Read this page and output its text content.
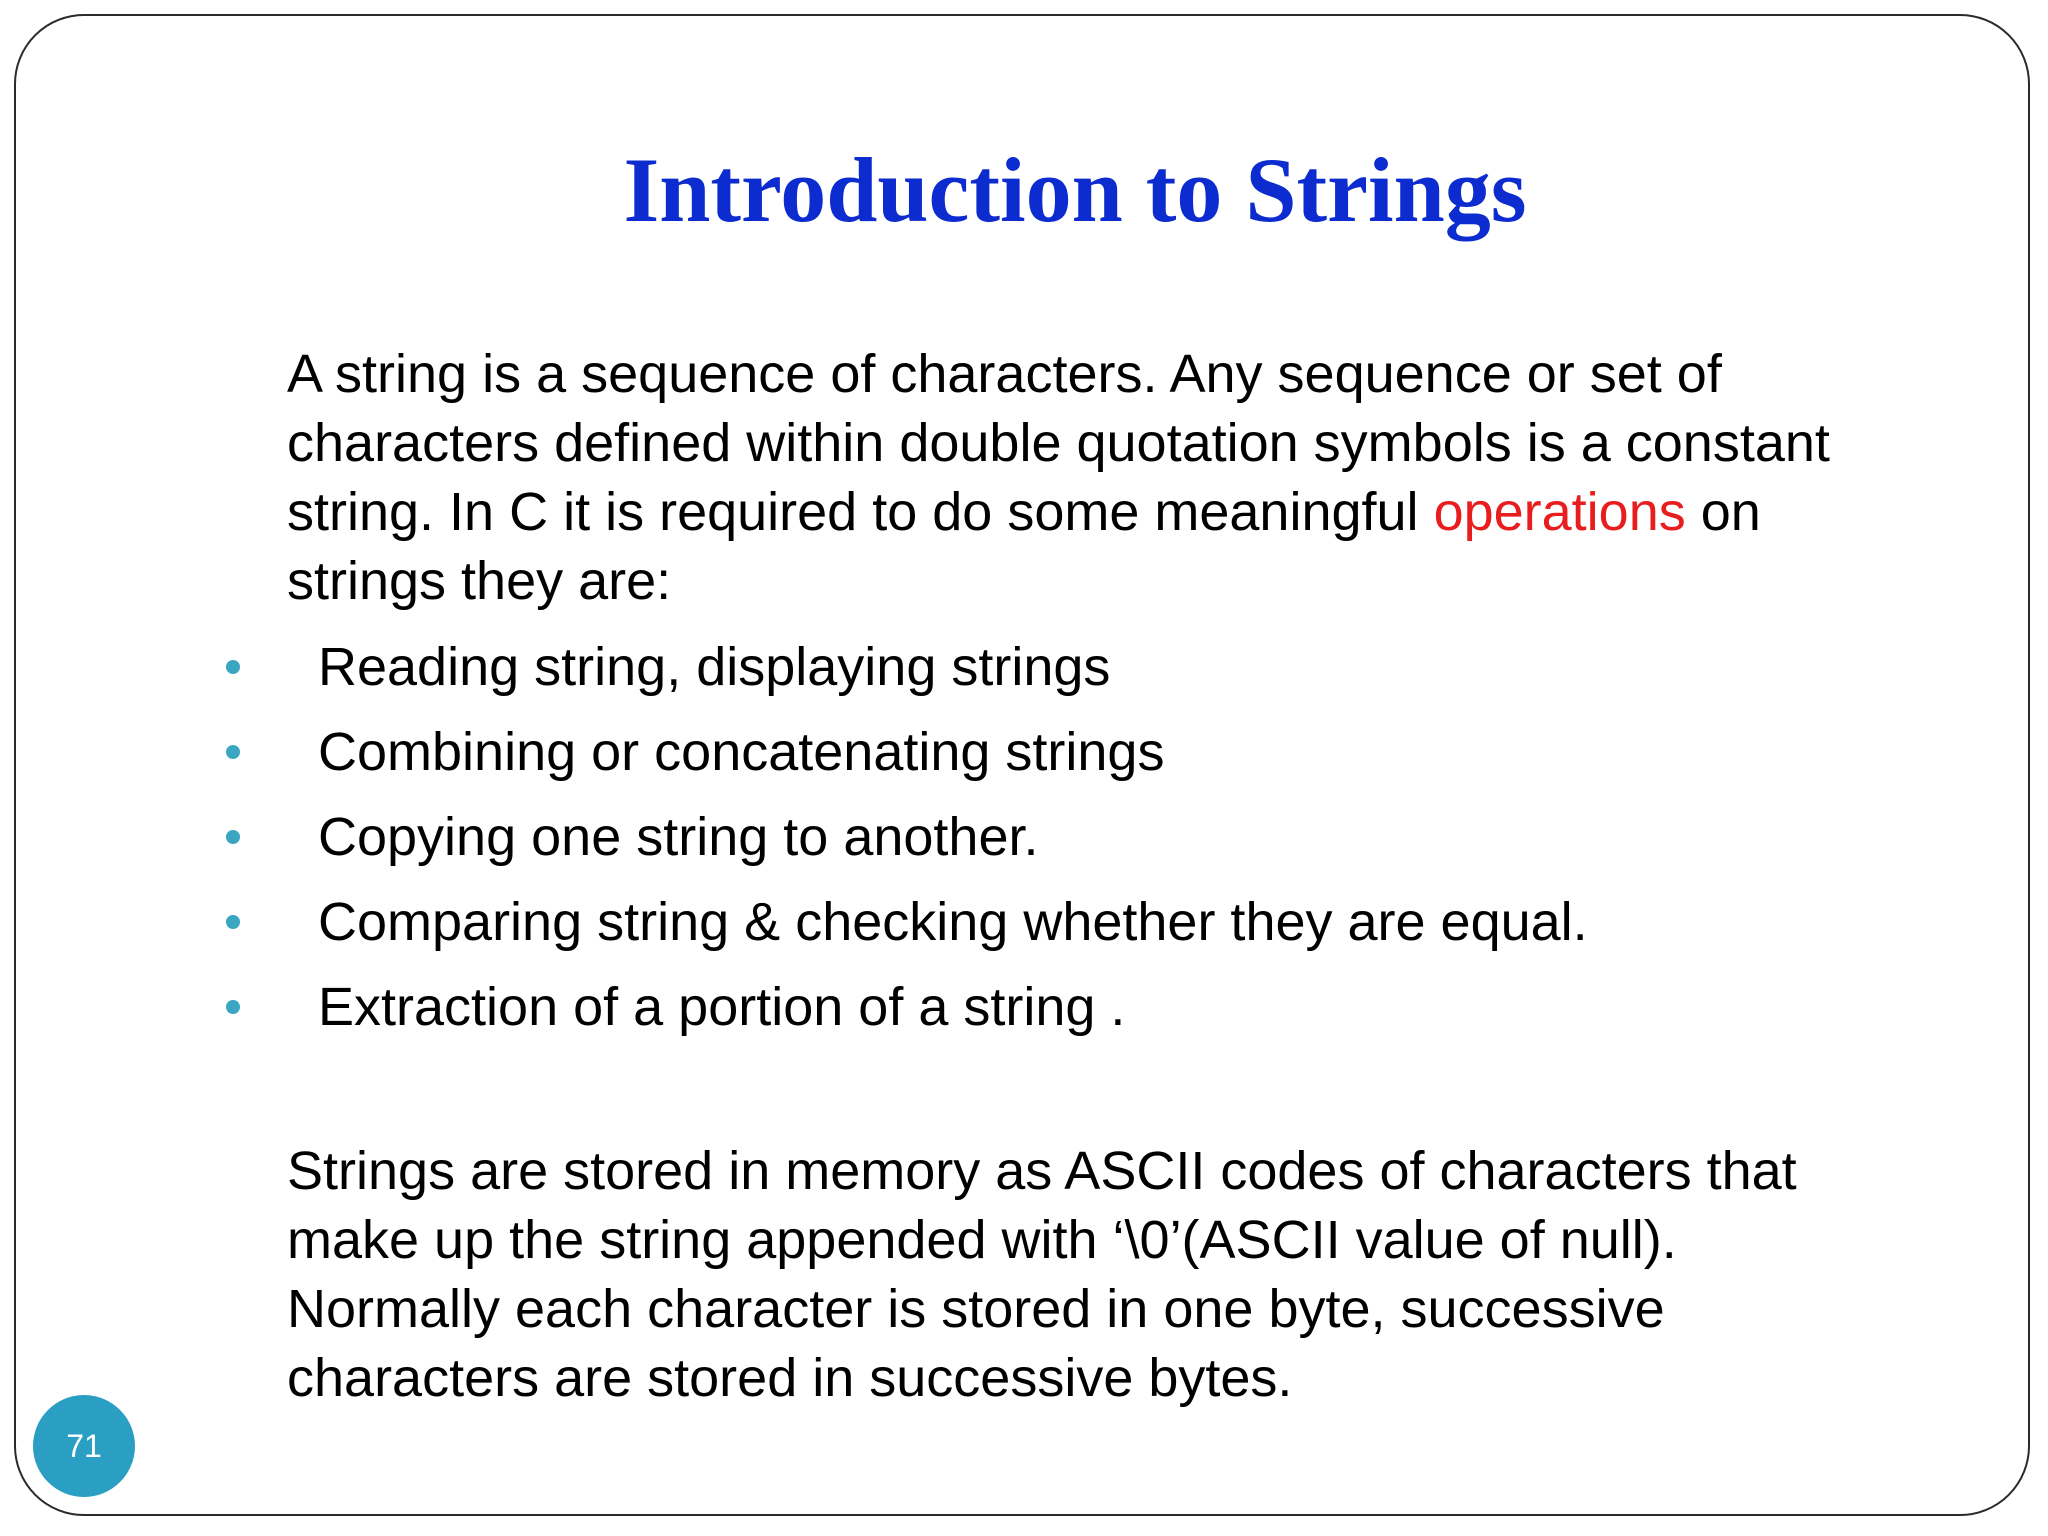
Introduction to Strings
A string is a sequence of characters. Any sequence or set of
characters defined within double quotation symbols is a constant
string. In C it is required to do some meaningful operations on
strings they are:
Reading string, displaying strings
Combining or concatenating strings
Copying one string to another.
Comparing string & checking whether they are equal.
Extraction of a portion of a string .
Strings are stored in memory as ASCII codes of characters that
make up the string appended with ‘\0’(ASCII value of null).
Normally each character is stored in one byte, successive
characters are stored in successive bytes.
71
